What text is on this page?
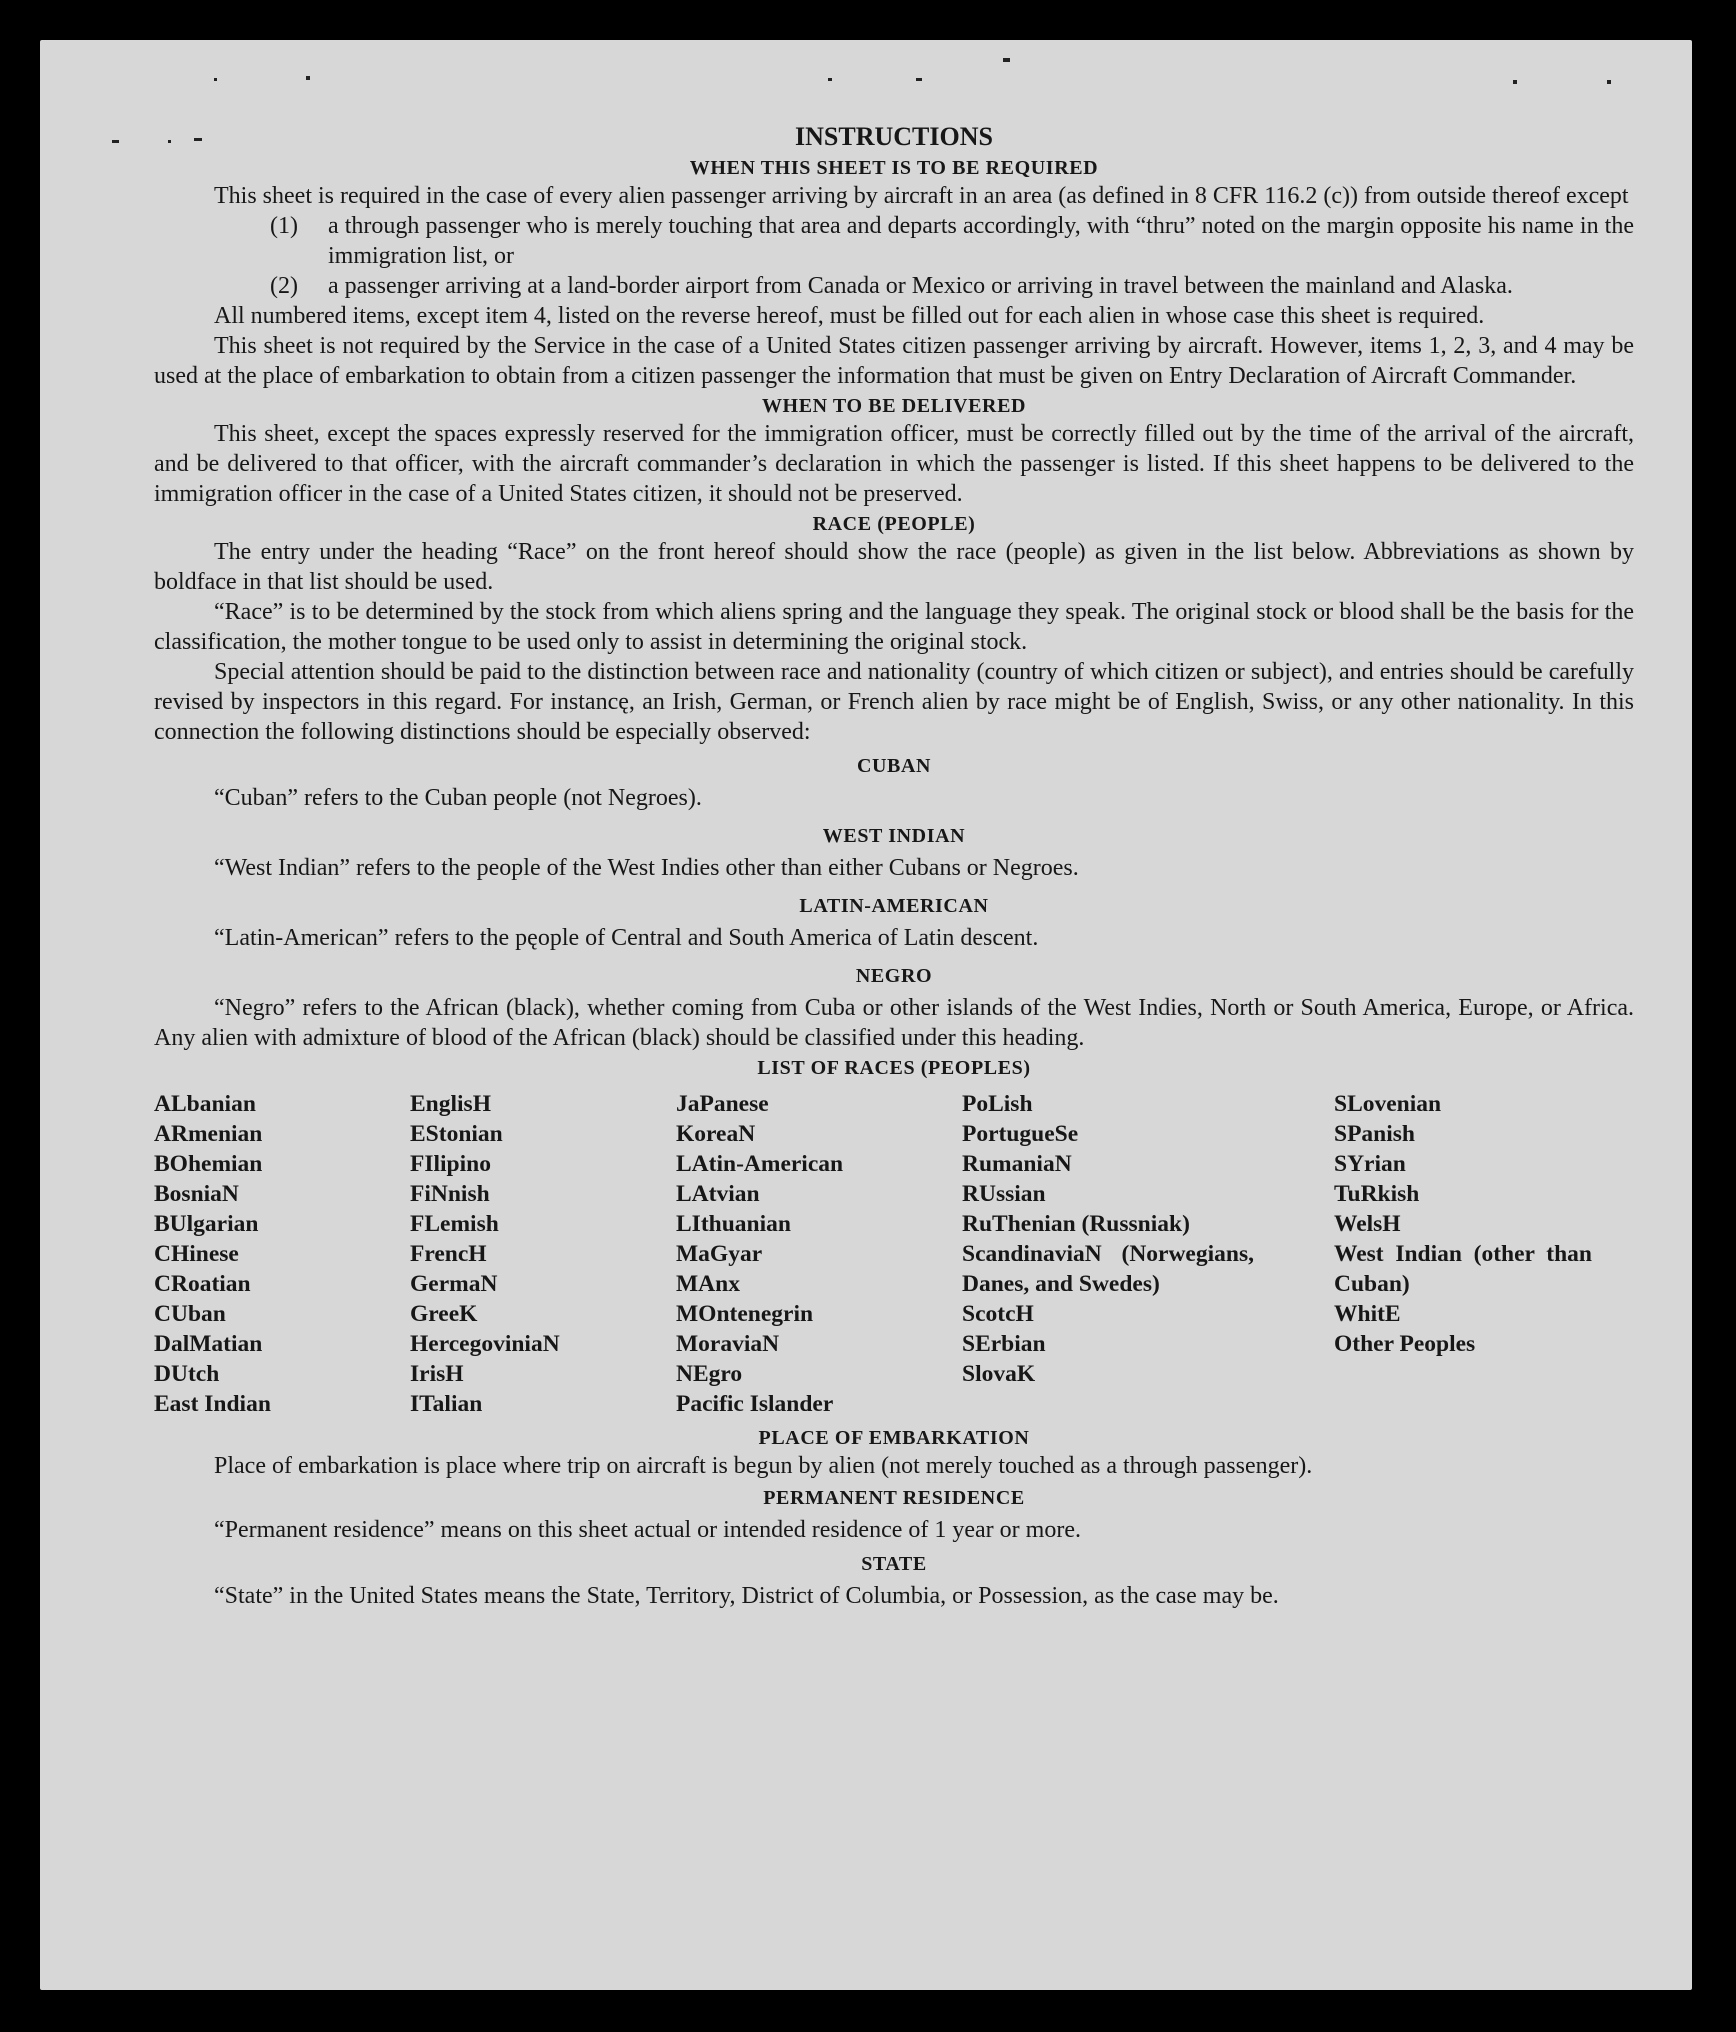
INSTRUCTIONS
WHEN THIS SHEET IS TO BE REQUIRED

This sheet is required in the case of every alien passenger arriving by aircraft in an area (as defined in 8 CFR 116.2 (c)) from outside thereof except

(1)	a through passenger who is merely touching that area and departs accordingly, with “thru” noted on the margin opposite his name in the immigration list, or
(2)	a passenger arriving at a land-border airport from Canada or Mexico or arriving in travel between the mainland and Alaska.

All numbered items, except item 4, listed on the reverse hereof, must be filled out for each alien in whose case this sheet is required.

This sheet is not required by the Service in the case of a United States citizen passenger arriving by aircraft. However, items 1, 2, 3, and 4 may be used at the place of embarkation to obtain from a citizen passenger the information that must be given on Entry Declaration of Aircraft Commander.

WHEN TO BE DELIVERED

This sheet, except the spaces expressly reserved for the immigration officer, must be correctly filled out by the time of the arrival of the aircraft, and be delivered to that officer, with the aircraft commander’s declaration in which the passenger is listed. If this sheet happens to be delivered to the immigration officer in the case of a United States citizen, it should not be preserved.

RACE (PEOPLE)

The entry under the heading “Race” on the front hereof should show the race (people) as given in the list below. Abbreviations as shown by boldface in that list should be used.

“Race” is to be determined by the stock from which aliens spring and the language they speak. The original stock or blood shall be the basis for the classification, the mother tongue to be used only to assist in determining the original stock.

Special attention should be paid to the distinction between race and nationality (country of which citizen or subject), and entries should be carefully revised by inspectors in this regard. For instancę, an Irish, German, or French alien by race might be of English, Swiss, or any other nationality. In this connection the following distinctions should be especially observed:

CUBAN

“Cuban” refers to the Cuban people (not Negroes).

WEST INDIAN

“West Indian” refers to the people of the West Indies other than either Cubans or Negroes.

LATIN-AMERICAN

“Latin-American” refers to the pęople of Central and South America of Latin descent.

NEGRO

“Negro” refers to the African (black), whether coming from Cuba or other islands of the West Indies, North or South America, Europe, or Africa. Any alien with admixture of blood of the African (black) should be classified under this heading.

LIST OF RACES (PEOPLES)
ALbanian
ARmenian
BOhemian
BosniaN
BUlgarian
CHinese
CRoatian
CUban
DalMatian
DUtch
East Indian
EnglisH
EStonian
FIlipino
FiNnish
FLemish
FrencH
GermaN
GreeK
HercegoviniaN
IrisH
ITalian
JaPanese
KoreaN
LAtin-American
LAtvian
LIthuanian
MaGyar
MAnx
MOntenegrin
MoraviaN
NEgro
Pacific Islander
PoLish
PortugueSe
RumaniaN
RUssian
RuThenian (Russniak)
ScandinaviaN (Norwegians, Danes, and Swedes)
ScotcH
SErbian
SlovaK
SLovenian
SPanish
SYrian
TuRkish
WelsH
West Indian (other than Cuban)
WhitE
Other Peoples
PLACE OF EMBARKATION

Place of embarkation is place where trip on aircraft is begun by alien (not merely touched as a through passenger).

PERMANENT RESIDENCE

“Permanent residence” means on this sheet actual or intended residence of 1 year or more.

STATE

“State” in the United States means the State, Territory, District of Columbia, or Possession, as the case may be.
